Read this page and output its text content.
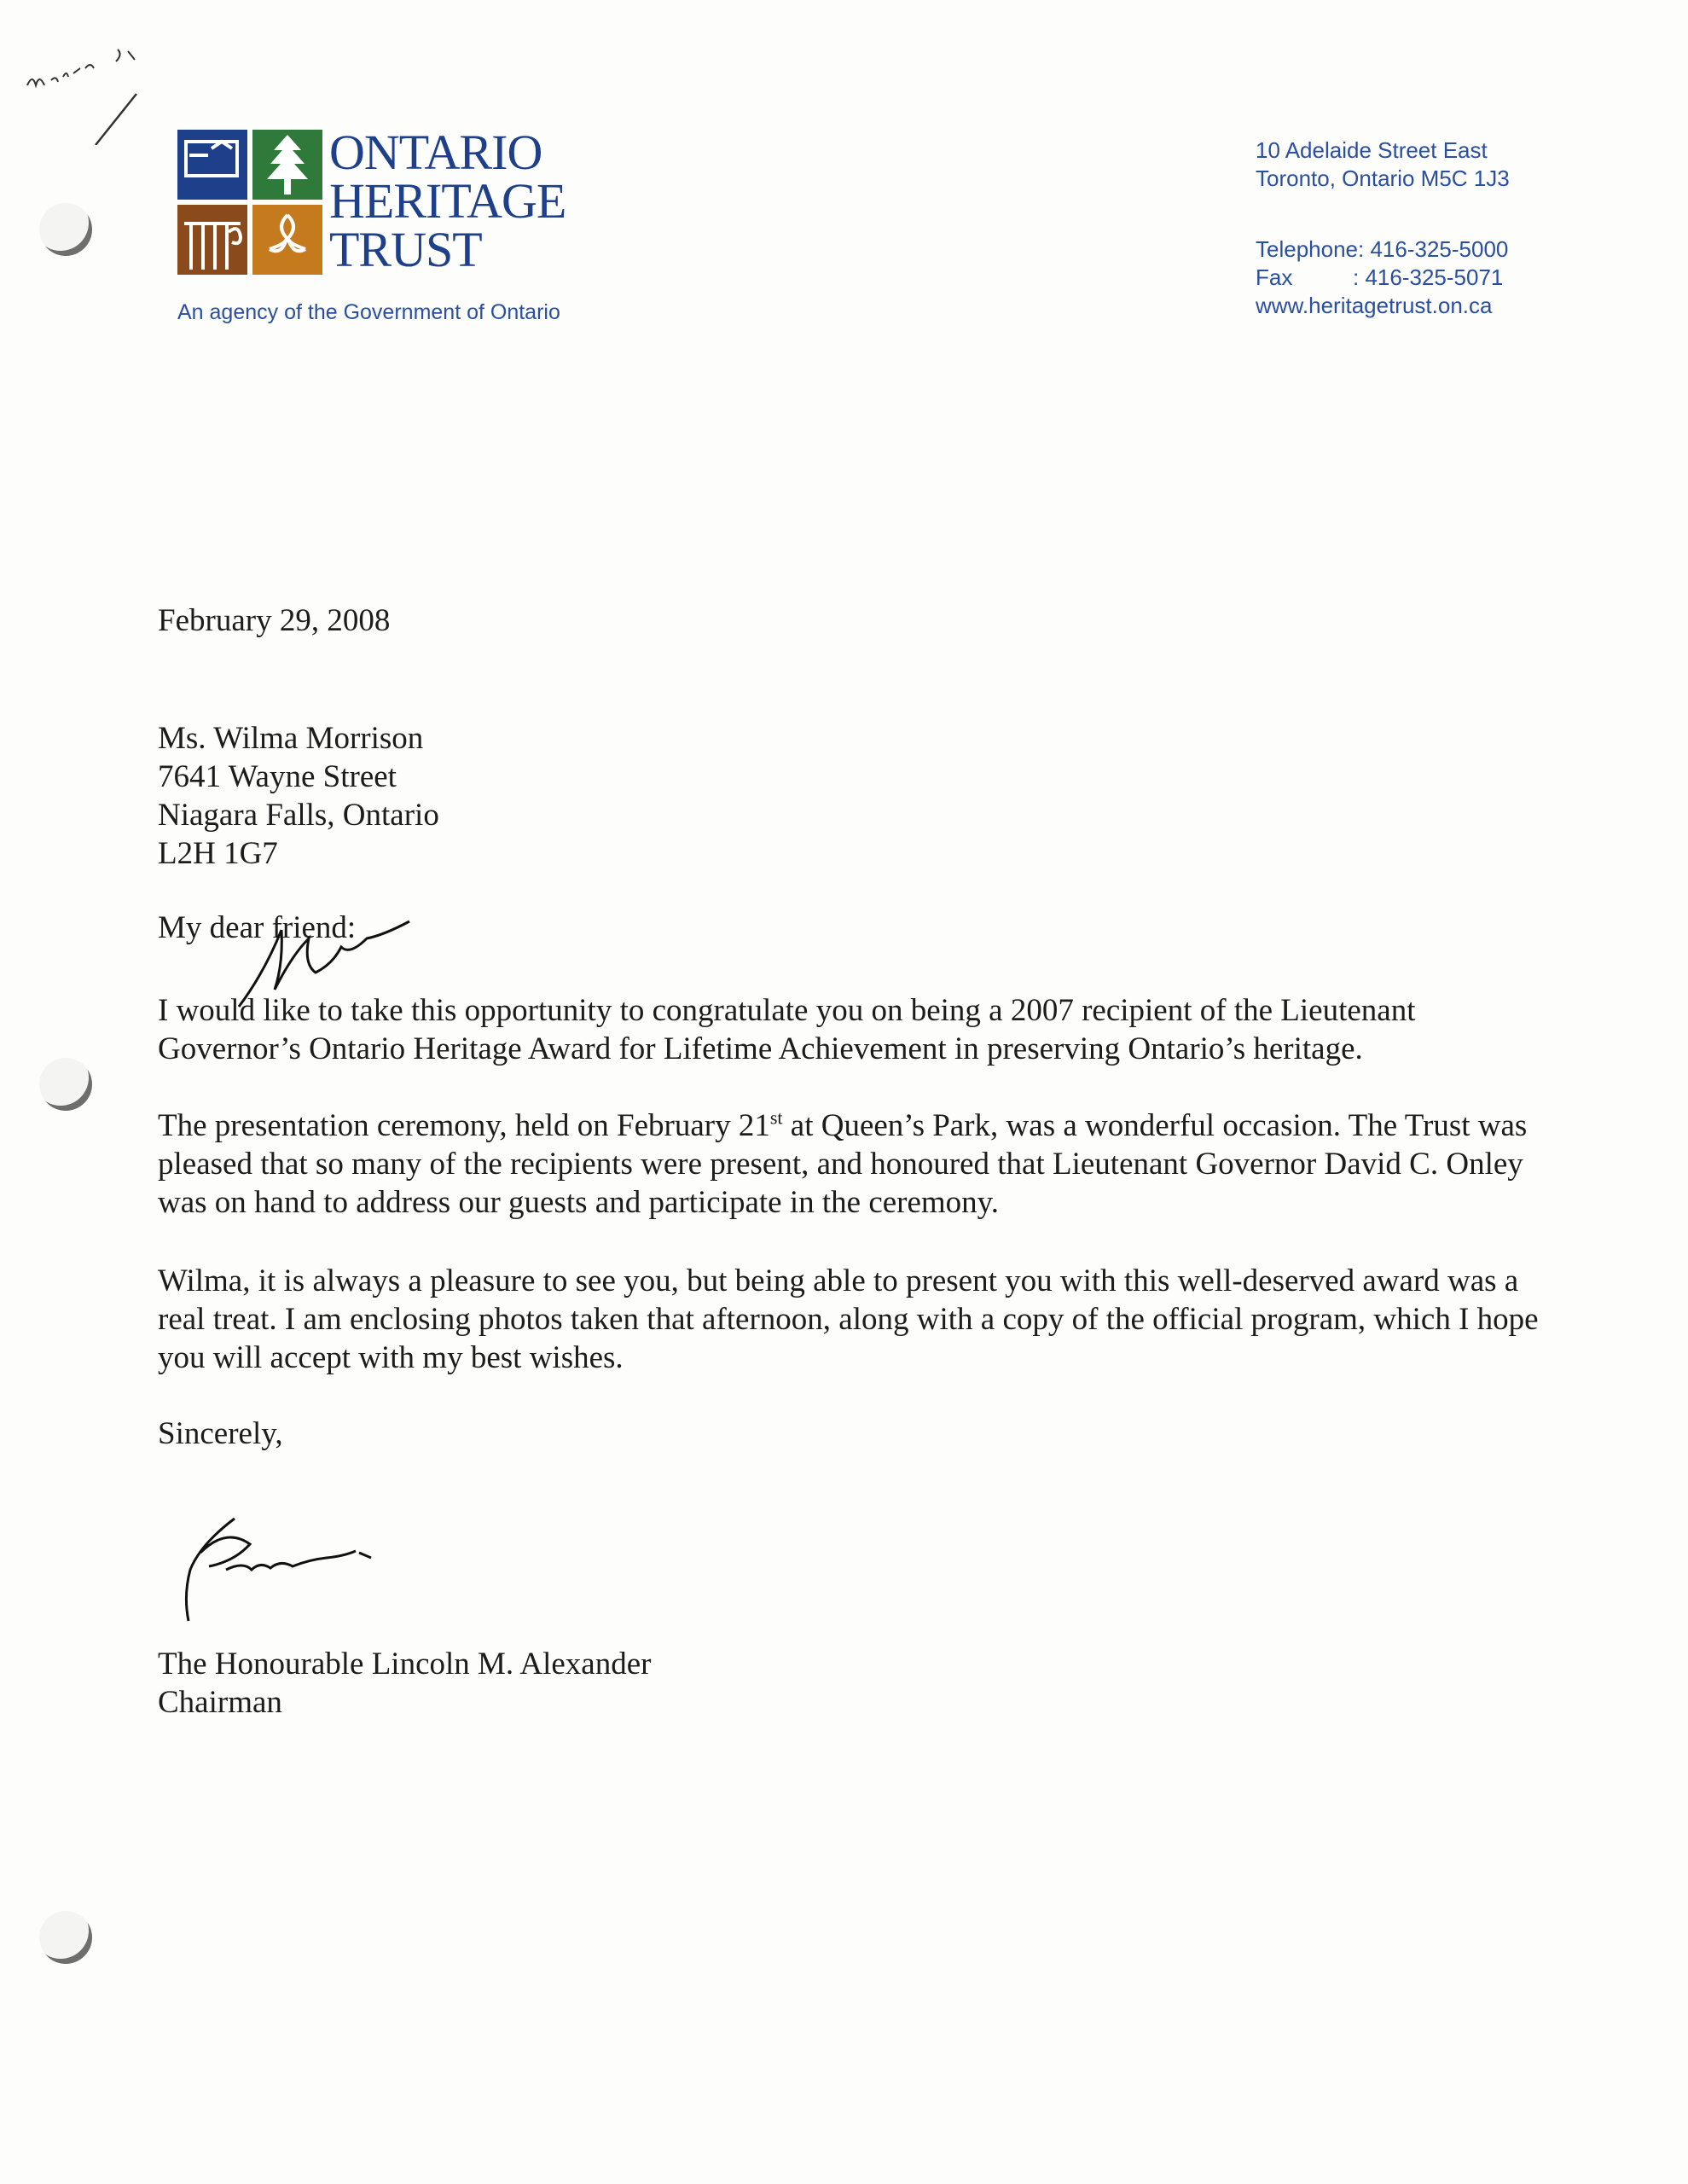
ONTARIO
HERITAGE
TRUST
An agency of the Government of Ontario
10 Adelaide Street East
Toronto, Ontario M5C 1J3
Telephone: 416-325-5000
Fax	: 416-325-5071
www.heritagetrust.on.ca

February 29, 2008

Ms. Wilma Morrison

7641 Wayne Street

Niagara Falls, Ontario

L2H 1G7

My dear friend:

I would like to take this opportunity to congratulate you on being a 2007 recipient of the Lieutenant Governor’s Ontario Heritage Award for Lifetime Achievement in preserving Ontario’s heritage.

The presentation ceremony, held on February 21st at Queen’s Park, was a wonderful occasion. The Trust was pleased that so many of the recipients were present, and honoured that Lieutenant Governor David C. Onley was on hand to address our guests and participate in the ceremony.

Wilma, it is always a pleasure to see you, but being able to present you with this well-deserved award was a real treat. I am enclosing photos taken that afternoon, along with a copy of the official program, which I hope you will accept with my best wishes.

Sincerely,

The Honourable Lincoln M. Alexander

Chairman
